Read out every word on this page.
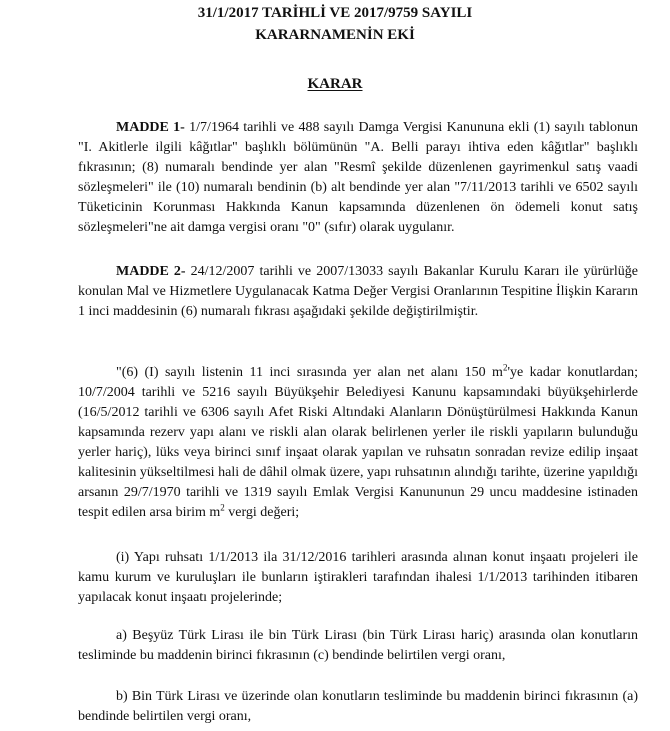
31/1/2017 TARİHLİ VE 2017/9759 SAYILI

KARARNAMENİN EKİ

KARAR

MADDE 1- 1/7/1964 tarihli ve 488 sayılı Damga Vergisi Kanununa ekli (1) sayılı tablonun "I. Akitlerle ilgili kâğıtlar" başlıklı bölümünün "A. Belli parayı ihtiva eden kâğıtlar" başlıklı fıkrasının; (8) numaralı bendinde yer alan "Resmî şekilde düzenlenen gayrimenkul satış vaadi sözleşmeleri" ile (10) numaralı bendinin (b) alt bendinde yer alan "7/11/2013 tarihli ve 6502 sayılı Tüketicinin Korunması Hakkında Kanun kapsamında düzenlenen ön ödemeli konut satış sözleşmeleri"ne ait damga vergisi oranı "0" (sıfır) olarak uygulanır.

MADDE 2- 24/12/2007 tarihli ve 2007/13033 sayılı Bakanlar Kurulu Kararı ile yürürlüğe konulan Mal ve Hizmetlere Uygulanacak Katma Değer Vergisi Oranlarının Tespitine İlişkin Kararın 1 inci maddesinin (6) numaralı fıkrası aşağıdaki şekilde değiştirilmiştir.

"(6) (I) sayılı listenin 11 inci sırasında yer alan net alanı 150 $m^2'ye$ kadar konutlardan; 10/7/2004 tarihli ve 5216 sayılı Büyükşehir Belediyesi Kanunu kapsamındaki büyükşehirlerde (16/5/2012 tarihli ve 6306 sayılı Afet Riski Altındaki Alanların Dönüştürülmesi Hakkında Kanun kapsamında rezerv yapı alanı ve riskli alan olarak belirlenen yerler ile riskli yapıların bulunduğu yerler hariç), lüks veya birinci sınıf inşaat olarak yapılan ve ruhsatın sonradan revize edilip inşaat kalitesinin yükseltilmesi hali de dâhil olmak üzere, yapı ruhsatının alındığı tarihte, üzerine yapıldığı arsanın 29/7/1970 tarihli ve 1319 sayılı Emlak Vergisi Kanununun 29 uncu maddesine istinaden tespit edilen arsa birim $m^2$ vergi değeri;

(i) Yapı ruhsatı 1/1/2013 ila 31/12/2016 tarihleri arasında alınan konut inşaatı projeleri ile kamu kurum ve kuruluşları ile bunların iştirakleri tarafından ihalesi 1/1/2013 tarihinden itibaren yapılacak konut inşaatı projelerinde;

a) Beşyüz Türk Lirası ile bin Türk Lirası (bin Türk Lirası hariç) arasında olan konutların tesliminde bu maddenin birinci fıkrasının (c) bendinde belirtilen vergi oranı,

b) Bin Türk Lirası ve üzerinde olan konutların tesliminde bu maddenin birinci fıkrasının (a) bendinde belirtilen vergi oranı,
